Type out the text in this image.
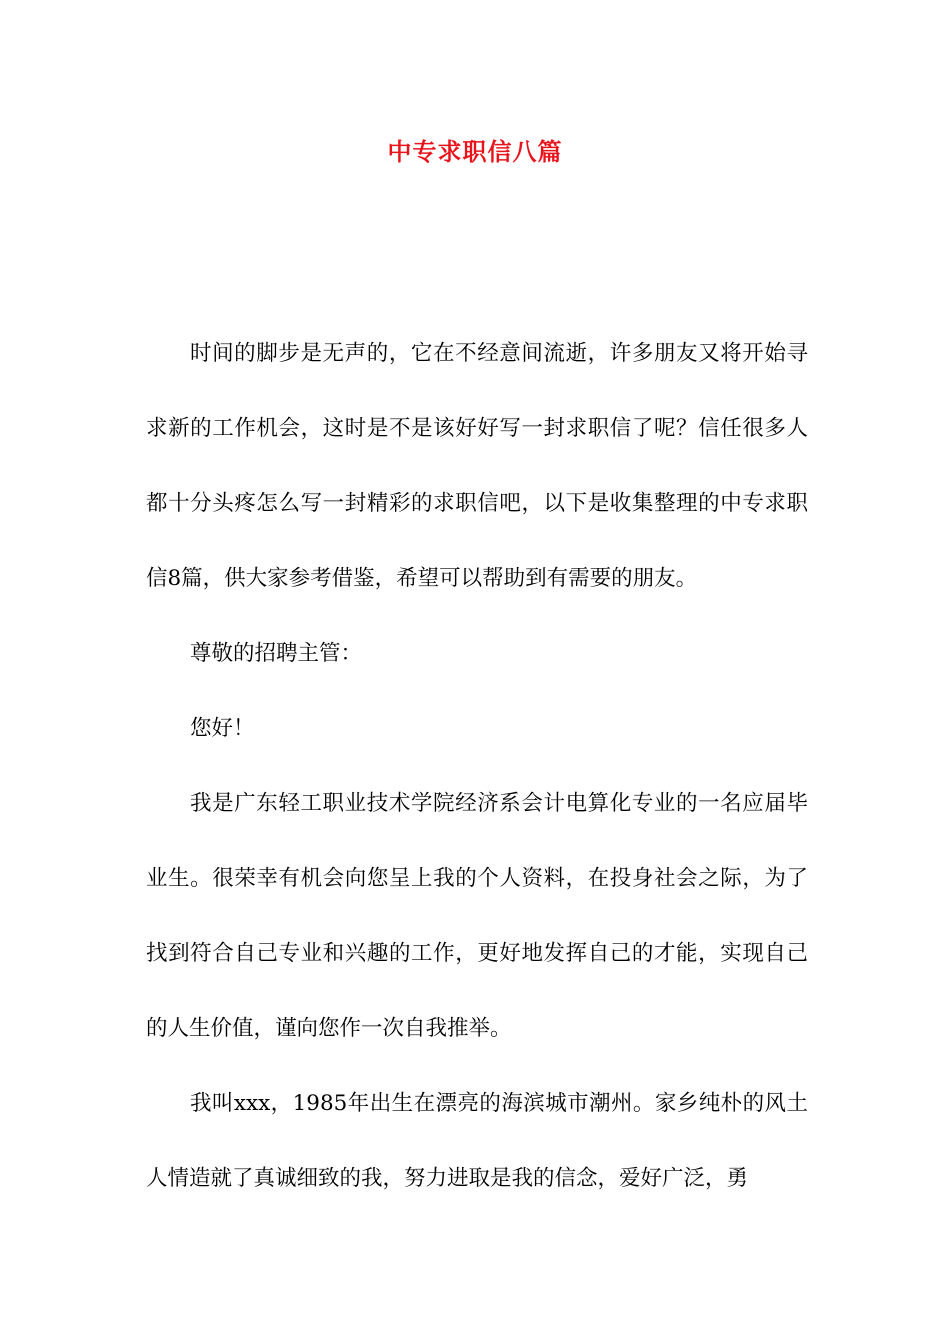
中专求职信八篇

时间的脚步是无声的，它在不经意间流逝，许多朋友又将开始寻求新的工作机会，这时是不是该好好写一封求职信了呢？信任很多人都十分头疼怎么写一封精彩的求职信吧，以下是收集整理的中专求职信8篇，供大家参考借鉴，希望可以帮助到有需要的朋友。

尊敬的招聘主管：

您好！

我是广东轻工职业技术学院经济系会计电算化专业的一名应届毕业生。很荣幸有机会向您呈上我的个人资料，在投身社会之际，为了找到符合自己专业和兴趣的工作，更好地发挥自己的才能，实现自己的人生价值，谨向您作一次自我推举。

我叫xxx，1985年出生在漂亮的海滨城市潮州。家乡纯朴的风土人情造就了真诚细致的我，努力进取是我的信念，爱好广泛，勇
